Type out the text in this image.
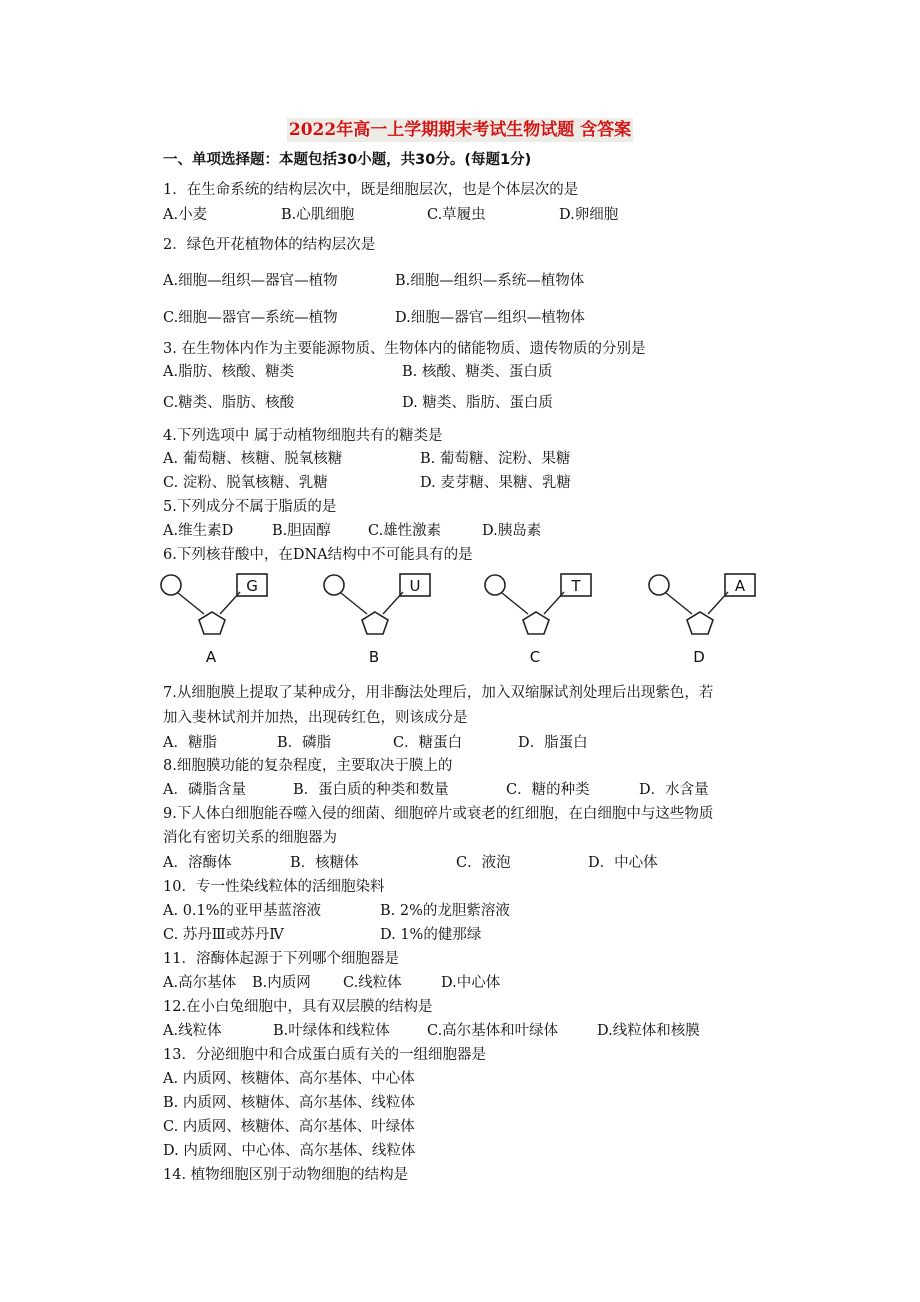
2022年高一上学期期末考试生物试题 含答案
一、单项选择题：本题包括30小题，共30分。(每题1分)
1．在生命系统的结构层次中，既是细胞层次，也是个体层次的是
A.小麦	B.心肌细胞	C.草履虫	D.卵细胞
2．绿色开花植物体的结构层次是
A.细胞—组织—器官—植物	B.细胞—组织—系统—植物体
C.细胞—器官—系统—植物	D.细胞—器官—组织—植物体
3. 在生物体内作为主要能源物质、生物体内的储能物质、遗传物质的分别是
A.脂肪、核酸、糖类	B. 核酸、糖类、蛋白质
C.糖类、脂肪、核酸	D. 糖类、脂肪、蛋白质
4.下列选项中 属于动植物细胞共有的糖类是
A. 葡萄糖、核糖、脱氧核糖	B. 葡萄糖、淀粉、果糖
C. 淀粉、脱氧核糖、乳糖	D. 麦芽糖、果糖、乳糖
5.下列成分不属于脂质的是
A.维生素D	B.胆固醇	C.雄性激素	D.胰岛素
6.下列核苷酸中，在DNA结构中不可能具有的是
G
A
U
B
T
C
A
D
7.从细胞膜上提取了某种成分，用非酶法处理后，加入双缩脲试剂处理后出现紫色，若
加入斐林试剂并加热，出现砖红色，则该成分是
A．糖脂	B．磷脂	C．糖蛋白	D．脂蛋白
8.细胞膜功能的复杂程度，主要取决于膜上的
A．磷脂含量	B．蛋白质的种类和数量	C．糖的种类	D．水含量
9.下人体白细胞能吞噬入侵的细菌、细胞碎片或衰老的红细胞，在白细胞中与这些物质
消化有密切关系的细胞器为
A．溶酶体	B．核糖体	C．液泡	D．中心体
10．专一性染线粒体的活细胞染料
A. 0.1%的亚甲基蓝溶液	B. 2%的龙胆紫溶液
C. 苏丹Ⅲ或苏丹Ⅳ	D. 1%的健那绿
11．溶酶体起源于下列哪个细胞器是
A.高尔基体 B.内质网 C.线粒体	D.中心体
12.在小白兔细胞中，具有双层膜的结构是
A.线粒体	B.叶绿体和线粒体	C.高尔基体和叶绿体	D.线粒体和核膜
13．分泌细胞中和合成蛋白质有关的一组细胞器是
A. 内质网、核糖体、高尔基体、中心体
B. 内质网、核糖体、高尔基体、线粒体
C. 内质网、核糖体、高尔基体、叶绿体
D. 内质网、中心体、高尔基体、线粒体
14. 植物细胞区别于动物细胞的结构是
